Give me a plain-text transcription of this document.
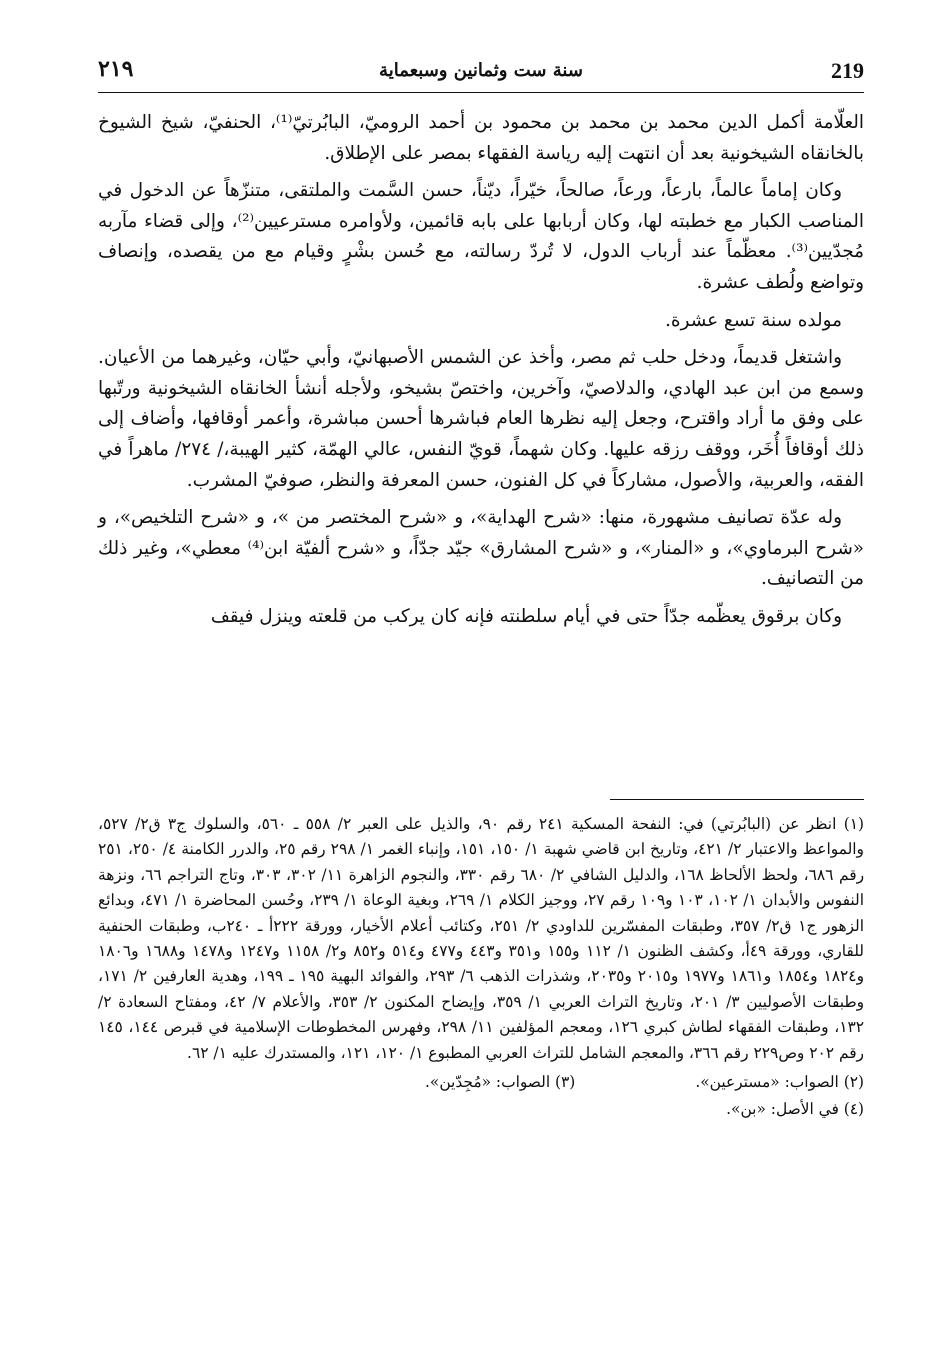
219
سنة ست وثمانين وسبعماية
٢١٩

العلّامة أكمل الدين محمد بن محمد بن محمود بن أحمد الروميّ، البابُرتيّ⁽¹⁾، الحنفيّ، شيخ الشيوخ بالخانقاه الشيخونية بعد أن انتهت إليه رياسة الفقهاء بمصر على الإطلاق.

وكان إماماً عالماً، بارعاً، ورعاً، صالحاً، خيّراً، ديّناً، حسن السَّمت والملتقى، متنزّهاً عن الدخول في المناصب الكبار مع خطبته لها، وكان أربابها على بابه قائمين، ولأوامره مسترعيين⁽²⁾، وإلى قضاء مآربه مُجدّيين⁽³⁾. معظّماً عند أرباب الدول، لا تُردّ رسالته، مع حُسن بشْرٍ وقيام مع من يقصده، وإنصاف وتواضع ولُطف عشرة.

مولده سنة تسع عشرة.

واشتغل قديماً، ودخل حلب ثم مصر، وأخذ عن الشمس الأصبهانيّ، وأبي حيّان، وغيرهما من الأعيان. وسمع من ابن عبد الهادي، والدلاصيّ، وآخرين، واختصّ بشيخو، ولأجله أنشأ الخانقاه الشيخونية ورتّبها على وفق ما أراد واقترح، وجعل إليه نظرها العام فباشرها أحسن مباشرة، وأعمر أوقافها، وأضاف إلى ذلك أوقافاً أُخَر، ووقف رزقه عليها. وكان شهماً، قويّ النفس، عالي الهمّة، كثير الهيبة،/ ٢٧٤/ ماهراً في الفقه، والعربية، والأصول، مشاركاً في كل الفنون، حسن المعرفة والنظر، صوفيّ المشرب.

وله عدّة تصانيف مشهورة، منها: «شرح الهداية»، و «شرح المختصر من »، و «شرح التلخيص»، و «شرح البرماوي»، و «المنار»، و «شرح المشارق» جيّد جدّاً، و «شرح ألفيّة ابن⁽⁴⁾ معطي»، وغير ذلك من التصانيف.

وكان برقوق يعظّمه جدّاً حتى في أيام سلطنته فإنه كان يركب من قلعته وينزل فيقف

(١) انظر عن (البابُرتي) في: النفحة المسكية ٢٤١ رقم ٩٠، والذيل على العبر ٢/ ٥٥٨ ـ ٥٦٠، والسلوك ج٣ ق٢/ ٥٢٧، والمواعظ والاعتبار ٢/ ٤٢١، وتاريخ ابن قاضي شهبة ١/ ١٥٠، ١٥١، وإنباء الغمر ١/ ٢٩٨ رقم ٢٥، والدرر الكامنة ٤/ ٢٥٠، ٢٥١ رقم ٦٨٦، ولحظ الألحاظ ١٦٨، والدليل الشافي ٢/ ٦٨٠ رقم ٣٣٠، والنجوم الزاهرة ١١/ ٣٠٢، ٣٠٣، وتاج التراجم ٦٦، ونزهة النفوس والأبدان ١/ ١٠٢، ١٠٣ و١٠٩ رقم ٢٧، ووجيز الكلام ١/ ٢٦٩، وبغية الوعاة ١/ ٢٣٩، وحُسن المحاضرة ١/ ٤٧١، وبدائع الزهور ج١ ق٢/ ٣٥٧، وطبقات المفسّرين للداودي ٢/ ٢٥١، وكتائب أعلام الأخيار، وورقة ٢٢٢أ ـ ٢٤٠ب، وطبقات الحنفية للقاري، وورقة ٤٩أ، وكشف الظنون ١/ ١١٢ و١٥٥ و٣٥١ و٤٤٣ و٤٧٧ و٥١٤ و٨٥٢ و٢/ ١١٥٨ و١٢٤٧ و١٤٧٨ و١٦٨٨ و١٨٠٦ و١٨٢٤ و١٨٥٤ و١٨٦١ و١٩٧٧ و٢٠١٥ و٢٠٣٥، وشذرات الذهب ٦/ ٢٩٣، والفوائد البهية ١٩٥ ـ ١٩٩، وهدية العارفين ٢/ ١٧١، وطبقات الأصوليين ٣/ ٢٠١، وتاريخ التراث العربي ١/ ٣٥٩، وإيضاح المكنون ٢/ ٣٥٣، والأعلام ٧/ ٤٢، ومفتاح السعادة ٢/ ١٣٢، وطبقات الفقهاء لطاش كبري ١٢٦، ومعجم المؤلفين ١١/ ٢٩٨، وفهرس المخطوطات الإسلامية في قبرص ١٤٤، ١٤٥ رقم ٢٠٢ وص٢٢٩ رقم ٣٦٦، والمعجم الشامل للتراث العربي المطبوع ١/ ١٢٠، ١٢١، والمستدرك عليه ١/ ٦٢.

(٢) الصواب: «مسترعين».
(٣) الصواب: «مُجِدّين».
(٤) في الأصل: «بن».
